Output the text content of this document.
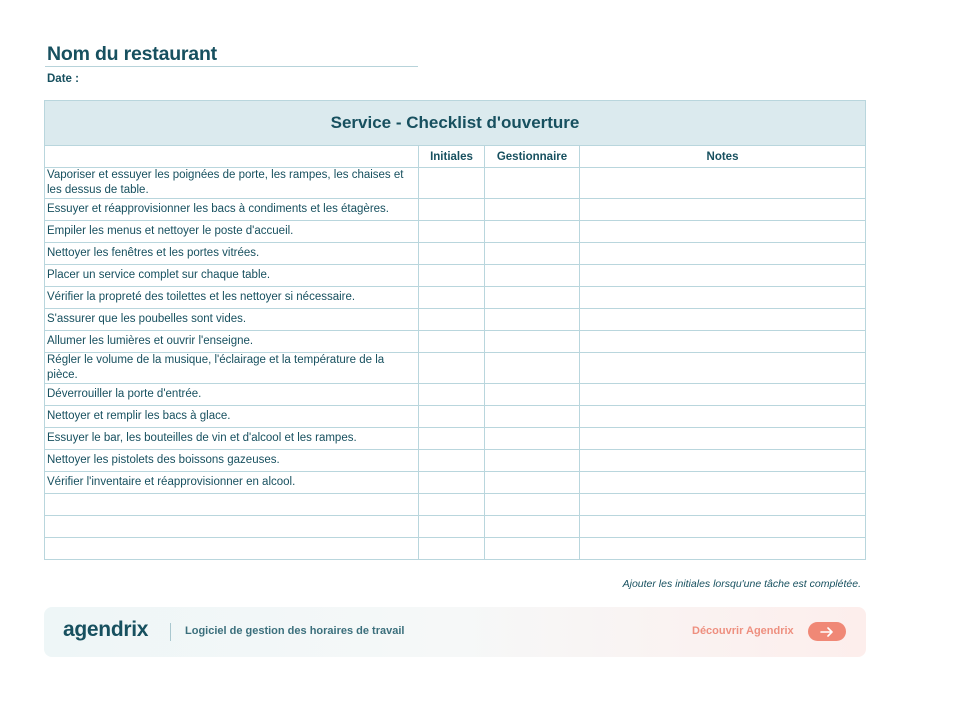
Nom du restaurant
Date :
Service - Checklist d'ouverture			
	Initiales	Gestionnaire	Notes
Vaporiser et essuyer les poignées de porte, les rampes, les chaises et les dessus de table.			
Essuyer et réapprovisionner les bacs à condiments et les étagères.			
Empiler les menus et nettoyer le poste d'accueil.			
Nettoyer les fenêtres et les portes vitrées.			
Placer un service complet sur chaque table.			
Vérifier la propreté des toilettes et les nettoyer si nécessaire.			
S'assurer que les poubelles sont vides.			
Allumer les lumières et ouvrir l'enseigne.			
Régler le volume de la musique, l'éclairage et la température de la pièce.			
Déverrouiller la porte d'entrée.			
Nettoyer et remplir les bacs à glace.			
Essuyer le bar, les bouteilles de vin et d'alcool et les rampes.			
Nettoyer les pistolets des boissons gazeuses.			
Vérifier l'inventaire et réapprovisionner en alcool.			

Ajouter les initiales lorsqu'une tâche est complétée.
agendrix	Logiciel de gestion des horaires de travail	Découvrir Agendrix
